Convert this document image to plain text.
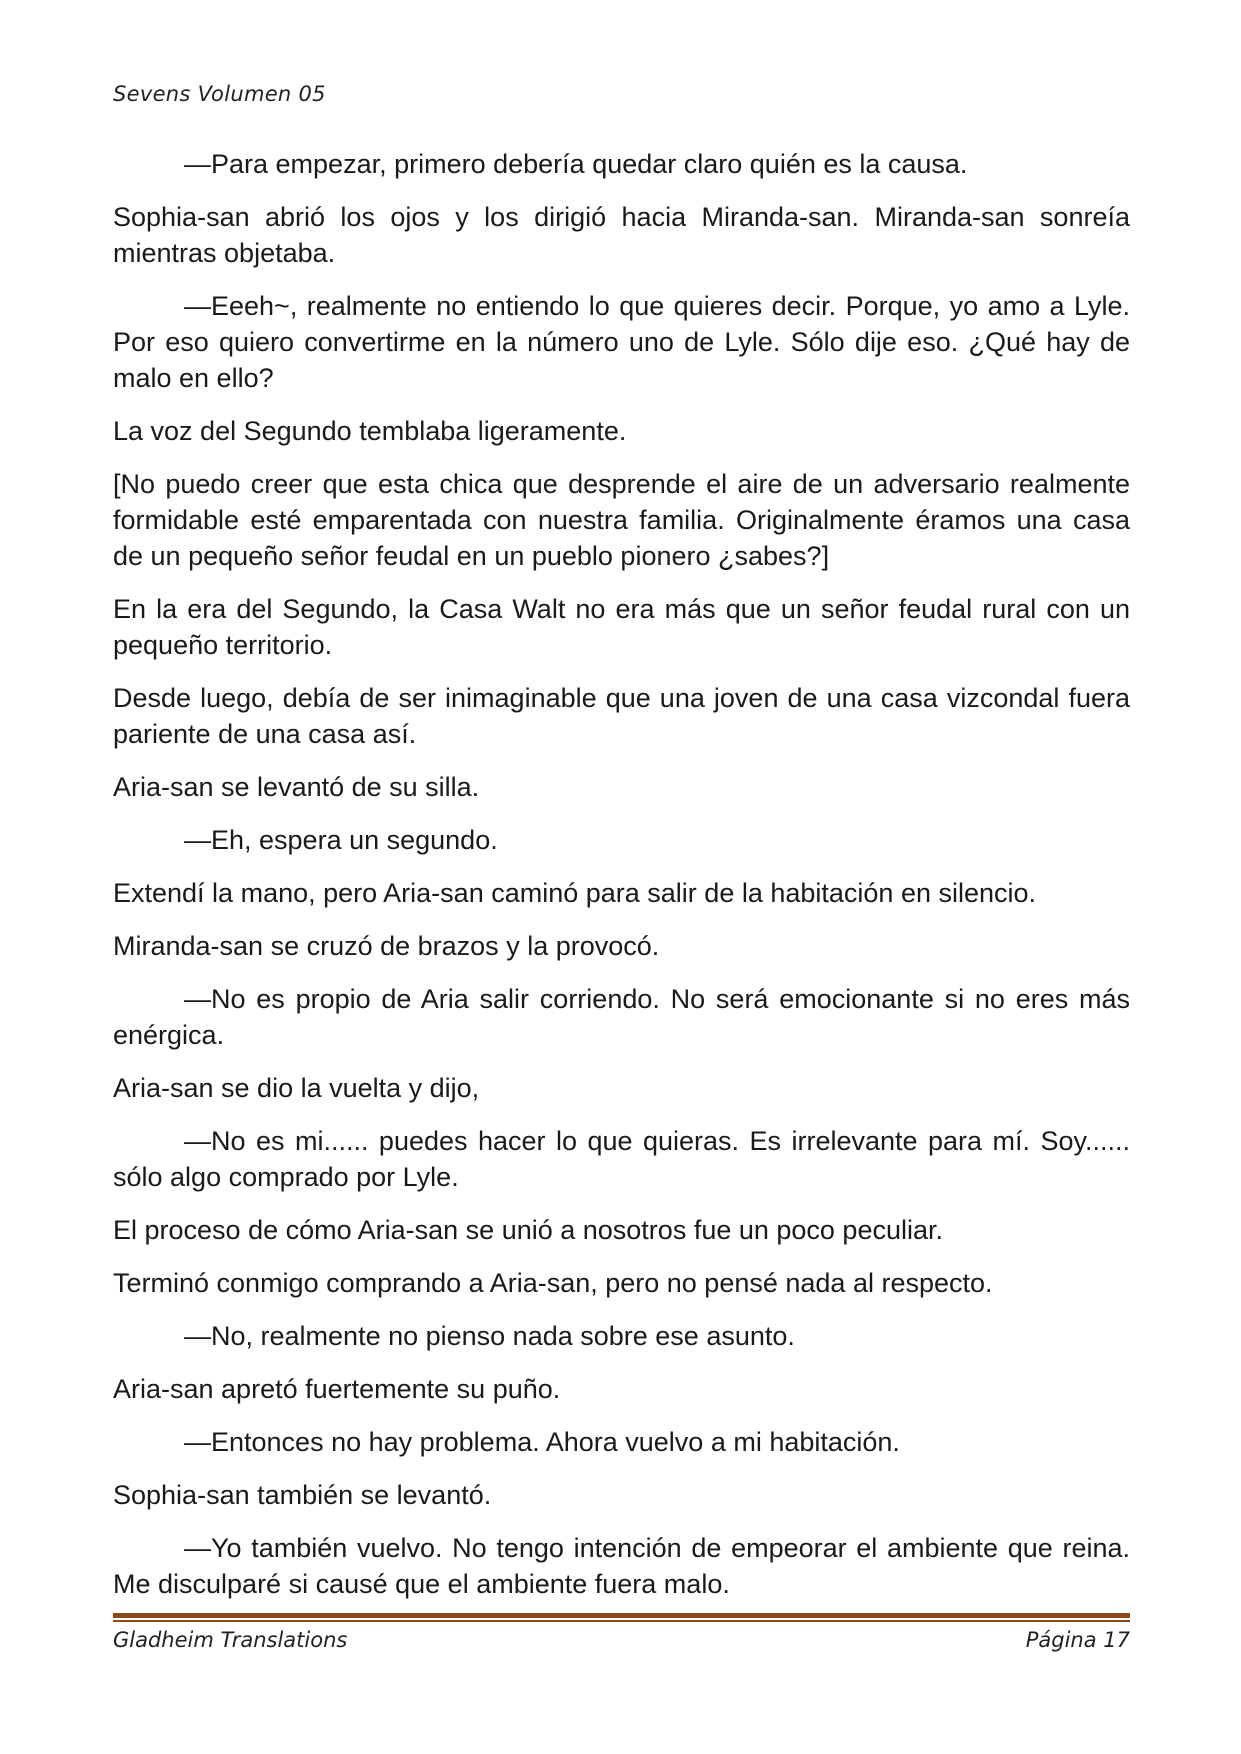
Sevens Volumen 05

—Para empezar, primero debería quedar claro quién es la causa.

Sophia-san abrió los ojos y los dirigió hacia Miranda-san. Miranda-san sonreía mientras objetaba.

—Eeeh~, realmente no entiendo lo que quieres decir. Porque, yo amo a Lyle. Por eso quiero convertirme en la número uno de Lyle. Sólo dije eso. ¿Qué hay de malo en ello?

La voz del Segundo temblaba ligeramente.

[No puedo creer que esta chica que desprende el aire de un adversario realmente formidable esté emparentada con nuestra familia. Originalmente éramos una casa de un pequeño señor feudal en un pueblo pionero ¿sabes?]

En la era del Segundo, la Casa Walt no era más que un señor feudal rural con un pequeño territorio.

Desde luego, debía de ser inimaginable que una joven de una casa vizcondal fuera pariente de una casa así.

Aria-san se levantó de su silla.

—Eh, espera un segundo.

Extendí la mano, pero Aria-san caminó para salir de la habitación en silencio.

Miranda-san se cruzó de brazos y la provocó.

—No es propio de Aria salir corriendo. No será emocionante si no eres más enérgica.

Aria-san se dio la vuelta y dijo,

—No es mi...... puedes hacer lo que quieras. Es irrelevante para mí. Soy...... sólo algo comprado por Lyle.

El proceso de cómo Aria-san se unió a nosotros fue un poco peculiar.

Terminó conmigo comprando a Aria-san, pero no pensé nada al respecto.

—No, realmente no pienso nada sobre ese asunto.

Aria-san apretó fuertemente su puño.

—Entonces no hay problema. Ahora vuelvo a mi habitación.

Sophia-san también se levantó.

—Yo también vuelvo. No tengo intención de empeorar el ambiente que reina. Me disculparé si causé que el ambiente fuera malo.

Gladheim Translations	Página 17
